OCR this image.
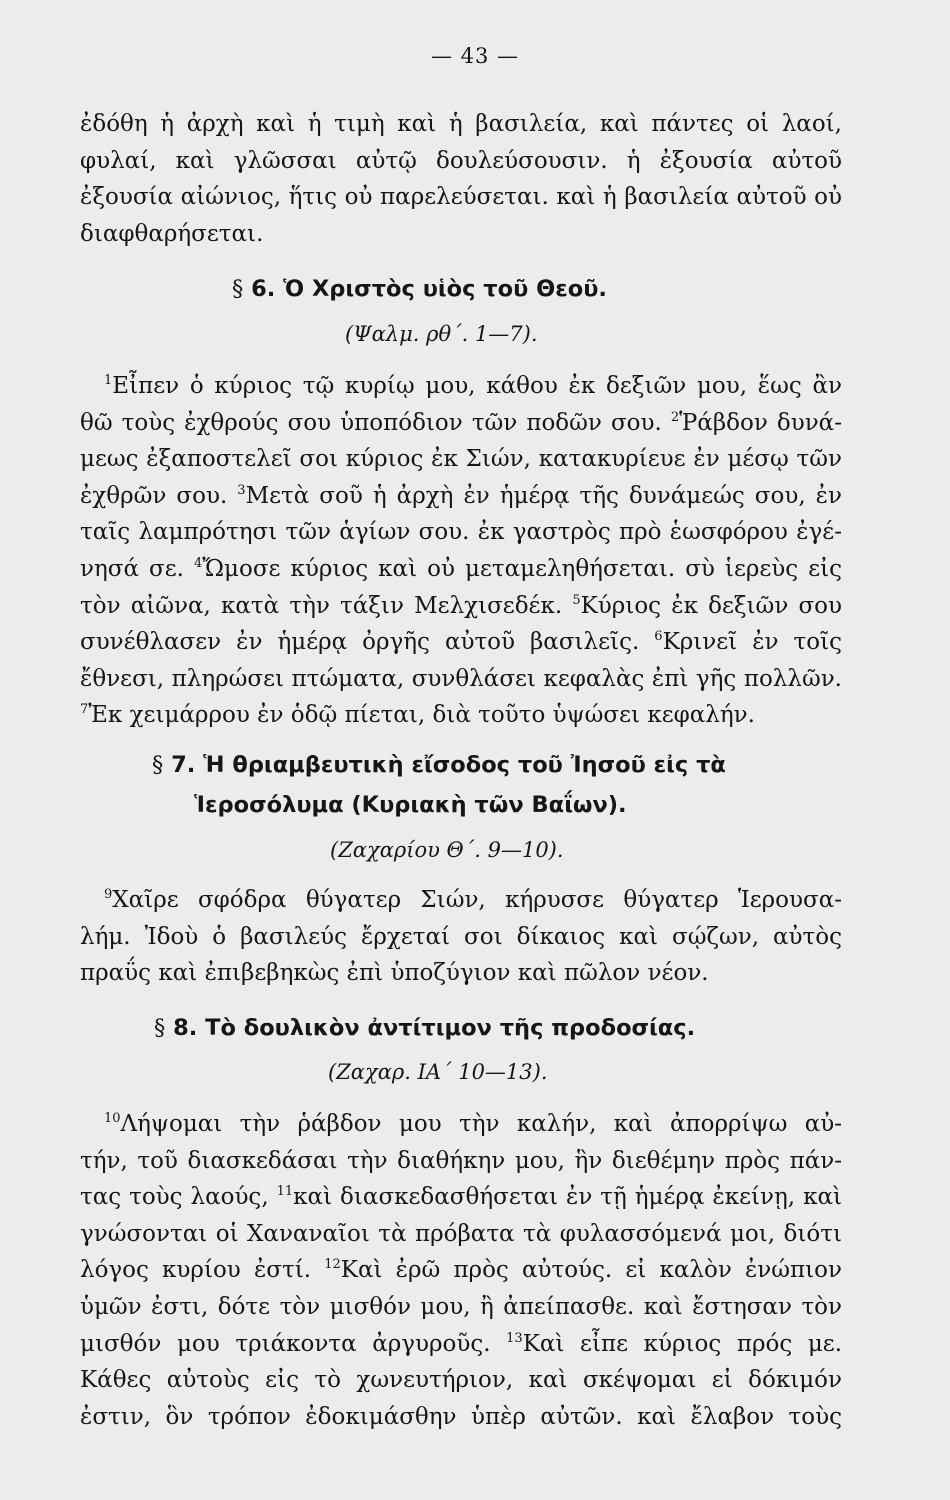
— 43 —
ἐδόθη ἡ ἀρχὴ καὶ ἡ τιμὴ καὶ ἡ βασιλεία, καὶ πάντες οἱ λαοί,
φυλαί, καὶ γλῶσσαι αὐτῷ δουλεύσουσιν. ἡ ἐξουσία αὐτοῦ
ἐξουσία αἰώνιος, ἥτις οὐ παρελεύσεται. καὶ ἡ βασιλεία αὐτοῦ οὐ
διαφθαρήσεται.
§ 6. Ὁ Χριστὸς υἱὸς τοῦ Θεοῦ.
(Ψαλμ. ρθ΄. 1—7).
$^1$Εἶπεν ὁ κύριος τῷ κυρίῳ μου, κάθου ἐκ δεξιῶν μου, ἕως ἂν
θῶ τοὺς ἐχθρούς σου ὑποπόδιον τῶν ποδῶν σου. $^2$Ῥάβδον δυνά-
μεως ἐξαποστελεῖ σοι κύριος ἐκ Σιών, κατακυρίευε ἐν μέσῳ τῶν
ἐχθρῶν σου. $^3$Μετὰ σοῦ ἡ ἀρχὴ ἐν ἡμέρᾳ τῆς δυνάμεώς σου, ἐν
ταῖς λαμπρότησι τῶν ἁγίων σου. ἐκ γαστρὸς πρὸ ἑωσφόρου ἐγέ-
νησά σε. $^4$Ὤμοσε κύριος καὶ οὐ μεταμεληθήσεται. σὺ ἱερεὺς εἰς
τὸν αἰῶνα, κατὰ τὴν τάξιν Μελχισεδέκ. $^5$Κύριος ἐκ δεξιῶν σου
συνέθλασεν ἐν ἡμέρᾳ ὀργῆς αὐτοῦ βασιλεῖς. $^6$Κρινεῖ ἐν τοῖς
ἔθνεσι, πληρώσει πτώματα, συνθλάσει κεφαλὰς ἐπὶ γῆς πολλῶν.
$^7$Ἐκ χειμάρρου ἐν ὁδῷ πίεται, διὰ τοῦτο ὑψώσει κεφαλήν.
§ 7. Ἡ θριαμβευτικὴ εἴσοδος τοῦ Ἰησοῦ εἰς τὰ
Ἱεροσόλυμα (Κυριακὴ τῶν Βαΐων).
(Ζαχαρίου Θ΄. 9—10).
$^9$Χαῖρε σφόδρα θύγατερ Σιών, κήρυσσε θύγατερ Ἱερουσα-
λήμ. Ἰδοὺ ὁ βασιλεύς ἔρχεταί σοι δίκαιος καὶ σῴζων, αὐτὸς
πραΰς καὶ ἐπιβεβηκὼς ἐπὶ ὑποζύγιον καὶ πῶλον νέον.
§ 8. Τὸ δουλικὸν ἀντίτιμον τῆς προδοσίας.
(Ζαχαρ. ΙΑ΄ 10—13).
$^{10}$Λήψομαι τὴν ῥάβδον μου τὴν καλήν, καὶ ἀπορρίψω αὐ-
τήν, τοῦ διασκεδάσαι τὴν διαθήκην μου, ἣν διεθέμην πρὸς πάν-
τας τοὺς λαούς, $^{11}$καὶ διασκεδασθήσεται ἐν τῇ ἡμέρᾳ ἐκείνῃ, καὶ
γνώσονται οἱ Χαναναῖοι τὰ πρόβατα τὰ φυλασσόμενά μοι, διότι
λόγος κυρίου ἐστί. $^{12}$Καὶ ἐρῶ πρὸς αὐτούς. εἰ καλὸν ἐνώπιον
ὑμῶν ἐστι, δότε τὸν μισθόν μου, ἢ ἀπείπασθε. καὶ ἔστησαν τὸν
μισθόν μου τριάκοντα ἀργυροῦς. $^{13}$Καὶ εἶπε κύριος πρός με.
Κάθες αὐτοὺς εἰς τὸ χωνευτήριον, καὶ σκέψομαι εἰ δόκιμόν
ἐστιν, ὃν τρόπον ἐδοκιμάσθην ὑπὲρ αὐτῶν. καὶ ἔλαβον τοὺς
